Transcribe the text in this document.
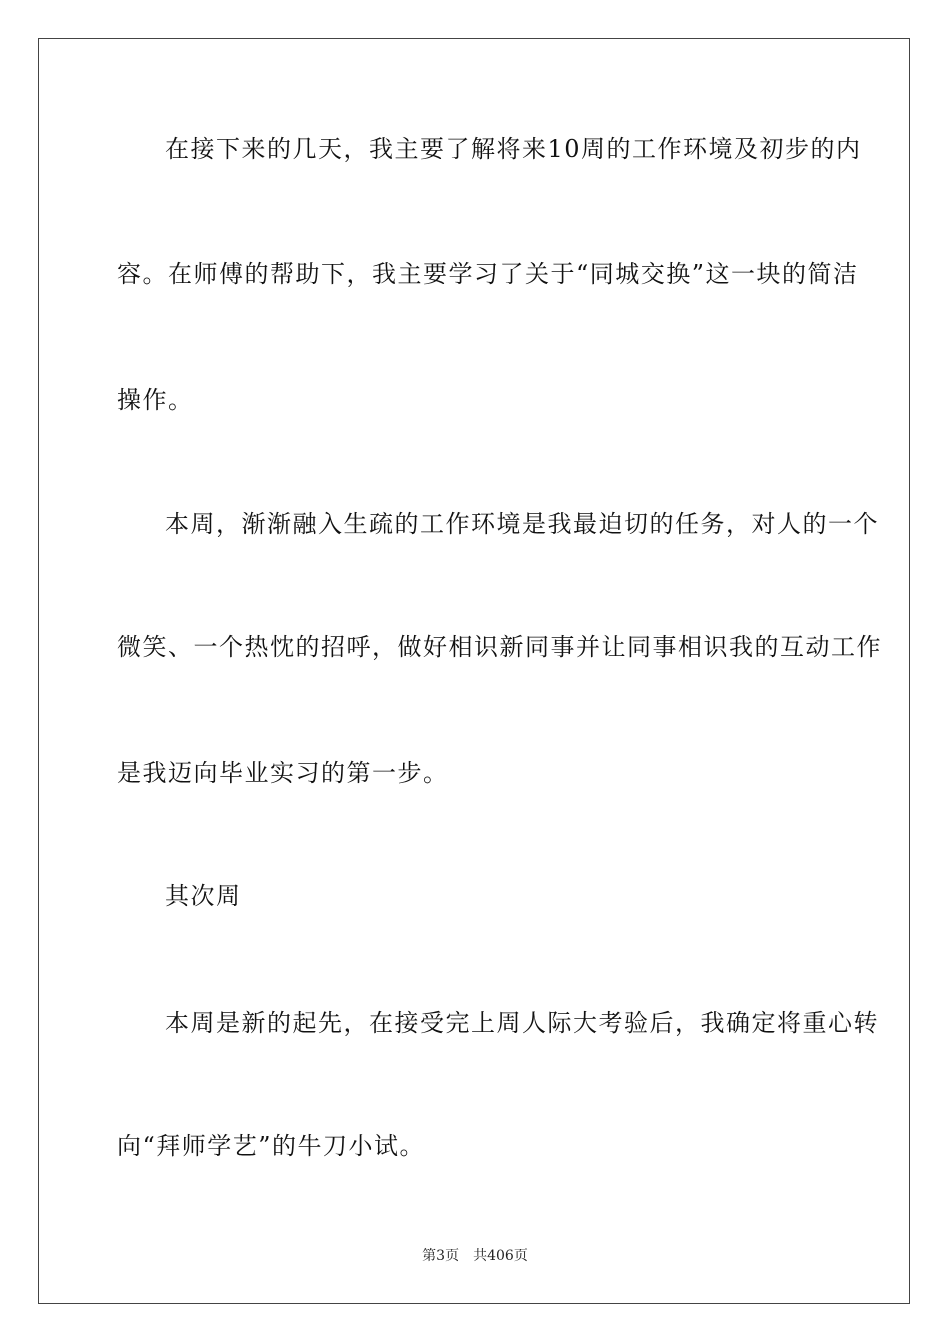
在接下来的几天，我主要了解将来10周的工作环境及初步的内
容。在师傅的帮助下，我主要学习了关于“同城交换”这一块的简洁
操作。
本周，渐渐融入生疏的工作环境是我最迫切的任务，对人的一个
微笑、一个热忱的招呼，做好相识新同事并让同事相识我的互动工作
是我迈向毕业实习的第一步。
其次周
本周是新的起先，在接受完上周人际大考验后，我确定将重心转
向“拜师学艺”的牛刀小试。
第3页 共406页
